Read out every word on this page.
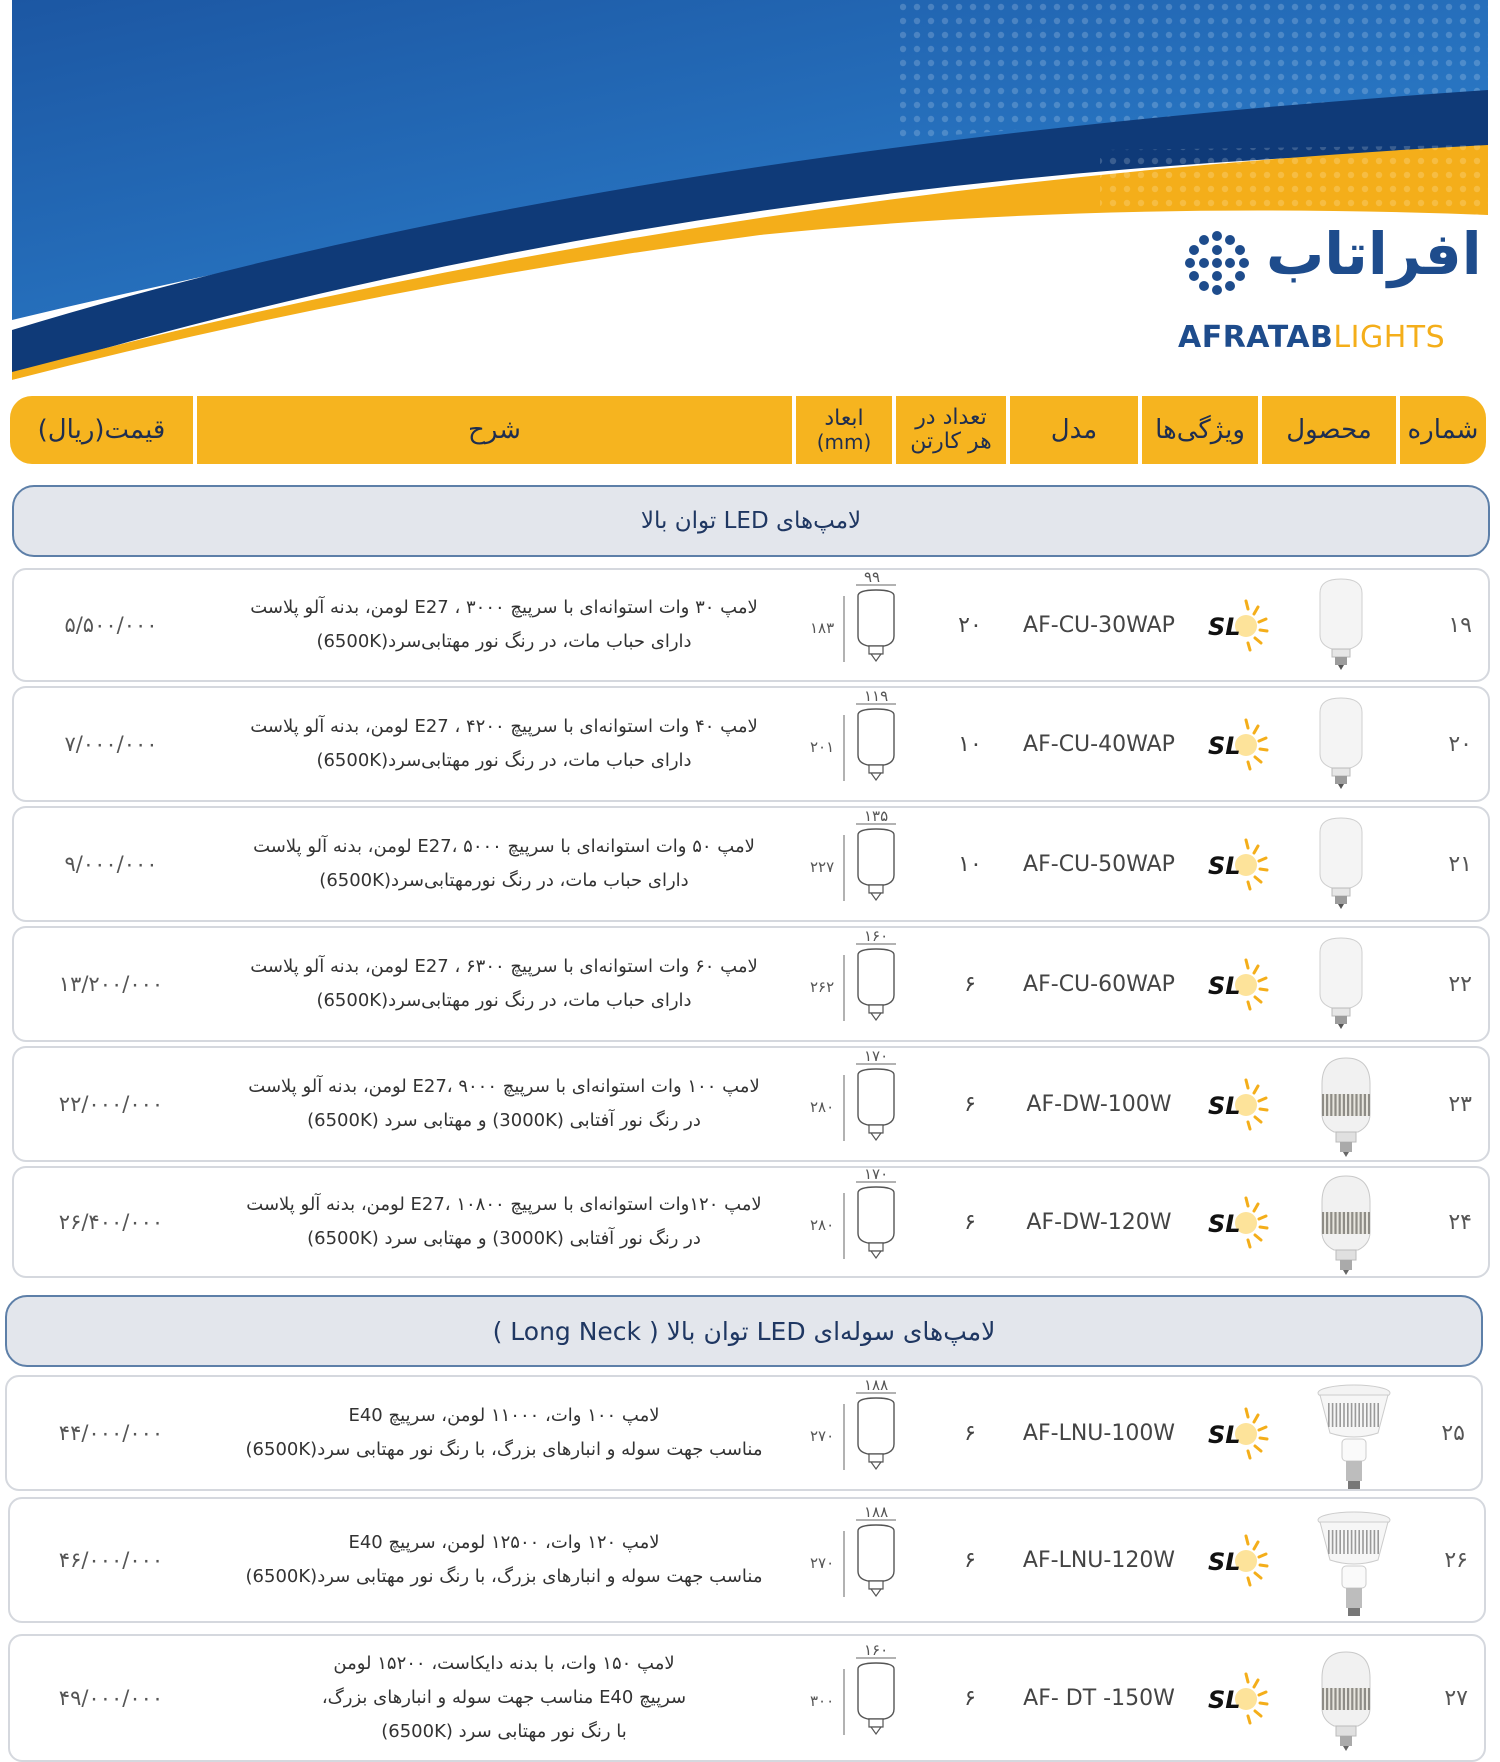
افراتاب
AFRATABLIGHTS
شماره
محصول
ویژگی‌ها
مدل
تعداد در
هر کارتن
ابعاد
(mm)
شرح
قیمت(ریال)
لامپ‌های LED توان بالا
لامپ‌های سوله‌ای LED توان بالا ( Long Neck )
۱۹
SL
AF-CU-30WAP
۲۰
۹۹
۱۸۳
لامپ ۳۰ وات استوانه‌ای با سرپیچ E27 ، ۳۰۰۰ لومن، بدنه آلو پلاست
دارای حباب مات، در رنگ نور مهتابی‌سرد(6500K)
۵/۵۰۰/۰۰۰
۲۰
SL
AF-CU-40WAP
۱۰
۱۱۹
۲۰۱
لامپ ۴۰ وات استوانه‌ای با سرپیچ E27 ، ۴۲۰۰ لومن، بدنه آلو پلاست
دارای حباب مات، در رنگ نور مهتابی‌سرد(6500K)
۷/۰۰۰/۰۰۰
۲۱
SL
AF-CU-50WAP
۱۰
۱۳۵
۲۲۷
لامپ ۵۰ وات استوانه‌ای با سرپیچ E27، ۵۰۰۰ لومن، بدنه آلو پلاست
دارای حباب مات، در رنگ نورمهتابی‌سرد(6500K)
۹/۰۰۰/۰۰۰
۲۲
SL
AF-CU-60WAP
۶
۱۶۰
۲۶۲
لامپ ۶۰ وات استوانه‌ای با سرپیچ E27 ، ۶۳۰۰ لومن، بدنه آلو پلاست
دارای حباب مات، در رنگ نور مهتابی‌سرد(6500K)
۱۳/۲۰۰/۰۰۰
۲۳
SL
AF-DW-100W
۶
۱۷۰
۲۸۰
لامپ ۱۰۰ وات استوانه‌ای با سرپیچ E27، ۹۰۰۰ لومن، بدنه آلو پلاست
در رنگ نور آفتابی (3000K) و مهتابی سرد (6500K)
۲۲/۰۰۰/۰۰۰
۲۴
SL
AF-DW-120W
۶
۱۷۰
۲۸۰
لامپ ۱۲۰وات استوانه‌ای با سرپیچ E27، ۱۰۸۰۰ لومن، بدنه آلو پلاست
در رنگ نور آفتابی (3000K) و مهتابی سرد (6500K)
۲۶/۴۰۰/۰۰۰
۲۵
SL
AF-LNU-100W
۶
۱۸۸
۲۷۰
لامپ ۱۰۰ وات، ۱۱۰۰۰ لومن، سرپیچ E40
مناسب جهت سوله و انبارهای بزرگ، با رنگ نور مهتابی سرد(6500K)
۴۴/۰۰۰/۰۰۰
۲۶
SL
AF-LNU-120W
۶
۱۸۸
۲۷۰
لامپ ۱۲۰ وات، ۱۲۵۰۰ لومن، سرپیچ E40
مناسب جهت سوله و انبارهای بزرگ، با رنگ نور مهتابی سرد(6500K)
۴۶/۰۰۰/۰۰۰
۲۷
SL
AF- DT -150W
۶
۱۶۰
۳۰۰
لامپ ۱۵۰ وات، با بدنه دایکاست، ۱۵۲۰۰ لومن
سرپیچ E40 مناسب جهت سوله و انبارهای بزرگ،
با رنگ نور مهتابی سرد (6500K)
۴۹/۰۰۰/۰۰۰
